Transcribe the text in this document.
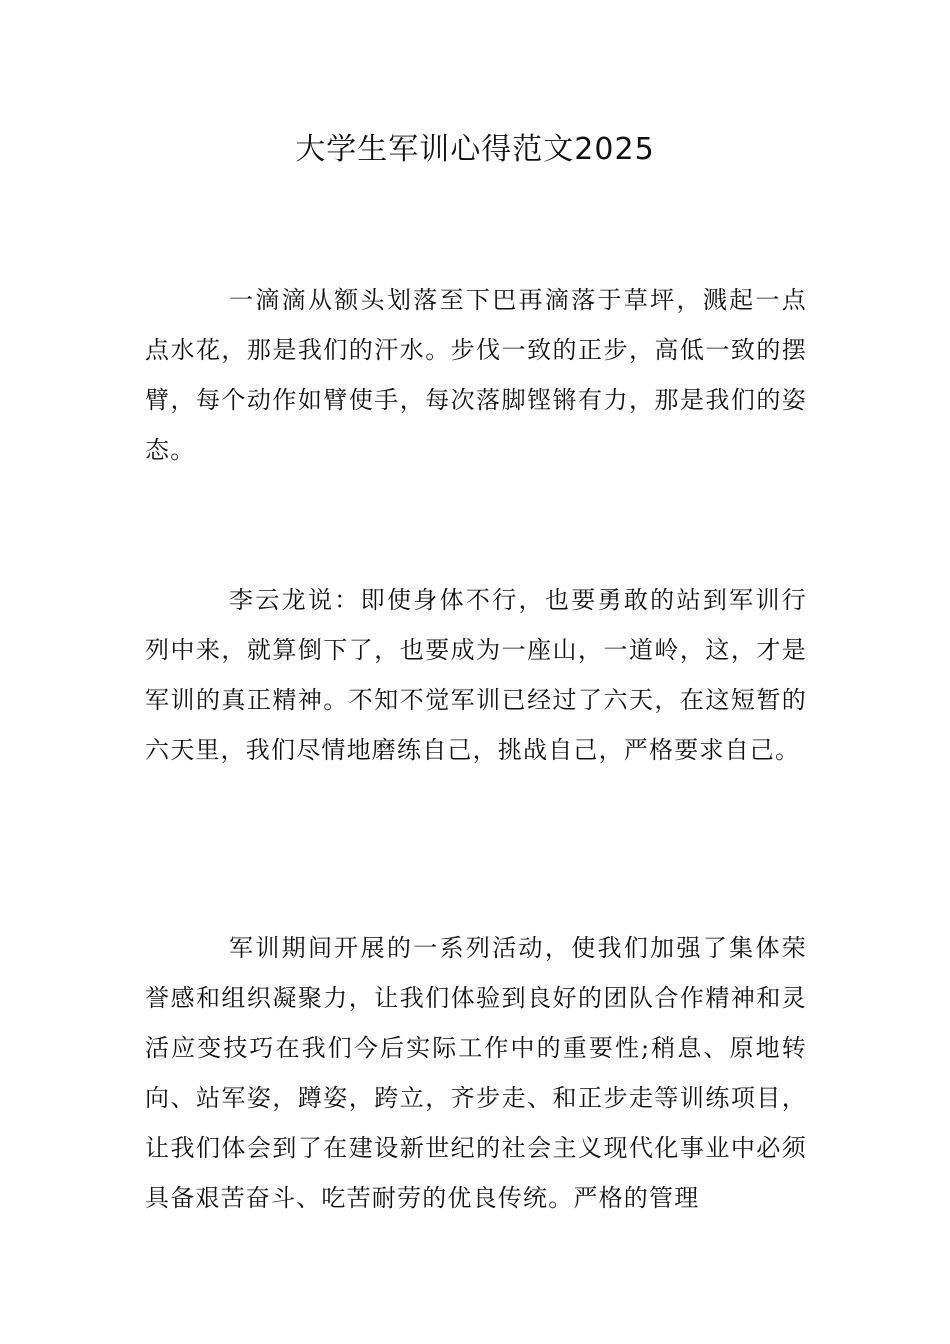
大学生军训心得范文2025

一滴滴从额头划落至下巴再滴落于草坪，溅起一点点水花，那是我们的汗水。步伐一致的正步，高低一致的摆臂，每个动作如臂使手，每次落脚铿锵有力，那是我们的姿态。

李云龙说：即使身体不行，也要勇敢的站到军训行列中来，就算倒下了，也要成为一座山，一道岭，这，才是军训的真正精神。不知不觉军训已经过了六天，在这短暂的六天里，我们尽情地磨练自己，挑战自己，严格要求自己。

军训期间开展的一系列活动，使我们加强了集体荣誉感和组织凝聚力，让我们体验到良好的团队合作精神和灵活应变技巧在我们今后实际工作中的重要性;稍息、原地转向、站军姿，蹲姿，跨立，齐步走、和正步走等训练项目，让我们体会到了在建设新世纪的社会主义现代化事业中必须具备艰苦奋斗、吃苦耐劳的优良传统。严格的管理
